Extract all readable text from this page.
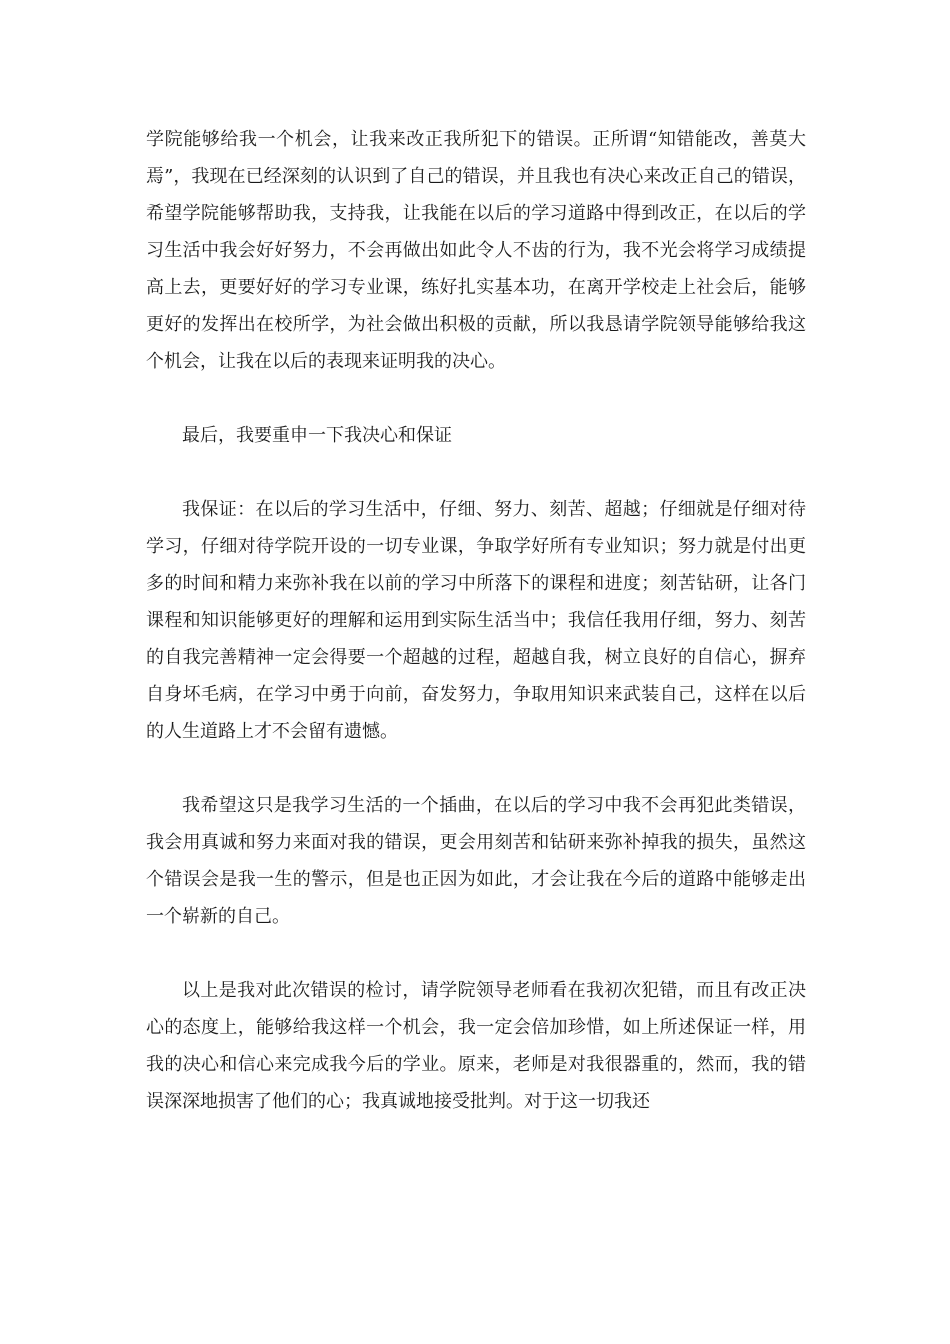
学院能够给我一个机会，让我来改正我所犯下的错误。正所谓“知错能改，善莫大焉”，我现在已经深刻的认识到了自己的错误，并且我也有决心来改正自己的错误，希望学院能够帮助我，支持我，让我能在以后的学习道路中得到改正，在以后的学习生活中我会好好努力，不会再做出如此令人不齿的行为，我不光会将学习成绩提高上去，更要好好的学习专业课，练好扎实基本功，在离开学校走上社会后，能够更好的发挥出在校所学，为社会做出积极的贡献，所以我恳请学院领导能够给我这个机会，让我在以后的表现来证明我的决心。

最后，我要重申一下我决心和保证

我保证：在以后的学习生活中，仔细、努力、刻苦、超越；仔细就是仔细对待学习，仔细对待学院开设的一切专业课，争取学好所有专业知识；努力就是付出更多的时间和精力来弥补我在以前的学习中所落下的课程和进度；刻苦钻研，让各门课程和知识能够更好的理解和运用到实际生活当中；我信任我用仔细，努力、刻苦的自我完善精神一定会得要一个超越的过程，超越自我，树立良好的自信心，摒弃自身坏毛病，在学习中勇于向前，奋发努力，争取用知识来武装自己，这样在以后的人生道路上才不会留有遗憾。

我希望这只是我学习生活的一个插曲，在以后的学习中我不会再犯此类错误，我会用真诚和努力来面对我的错误，更会用刻苦和钻研来弥补掉我的损失，虽然这个错误会是我一生的警示，但是也正因为如此，才会让我在今后的道路中能够走出一个崭新的自己。

以上是我对此次错误的检讨，请学院领导老师看在我初次犯错，而且有改正决心的态度上，能够给我这样一个机会，我一定会倍加珍惜，如上所述保证一样，用我的决心和信心来完成我今后的学业。原来，老师是对我很器重的，然而，我的错误深深地损害了他们的心；我真诚地接受批判。对于这一切我还
